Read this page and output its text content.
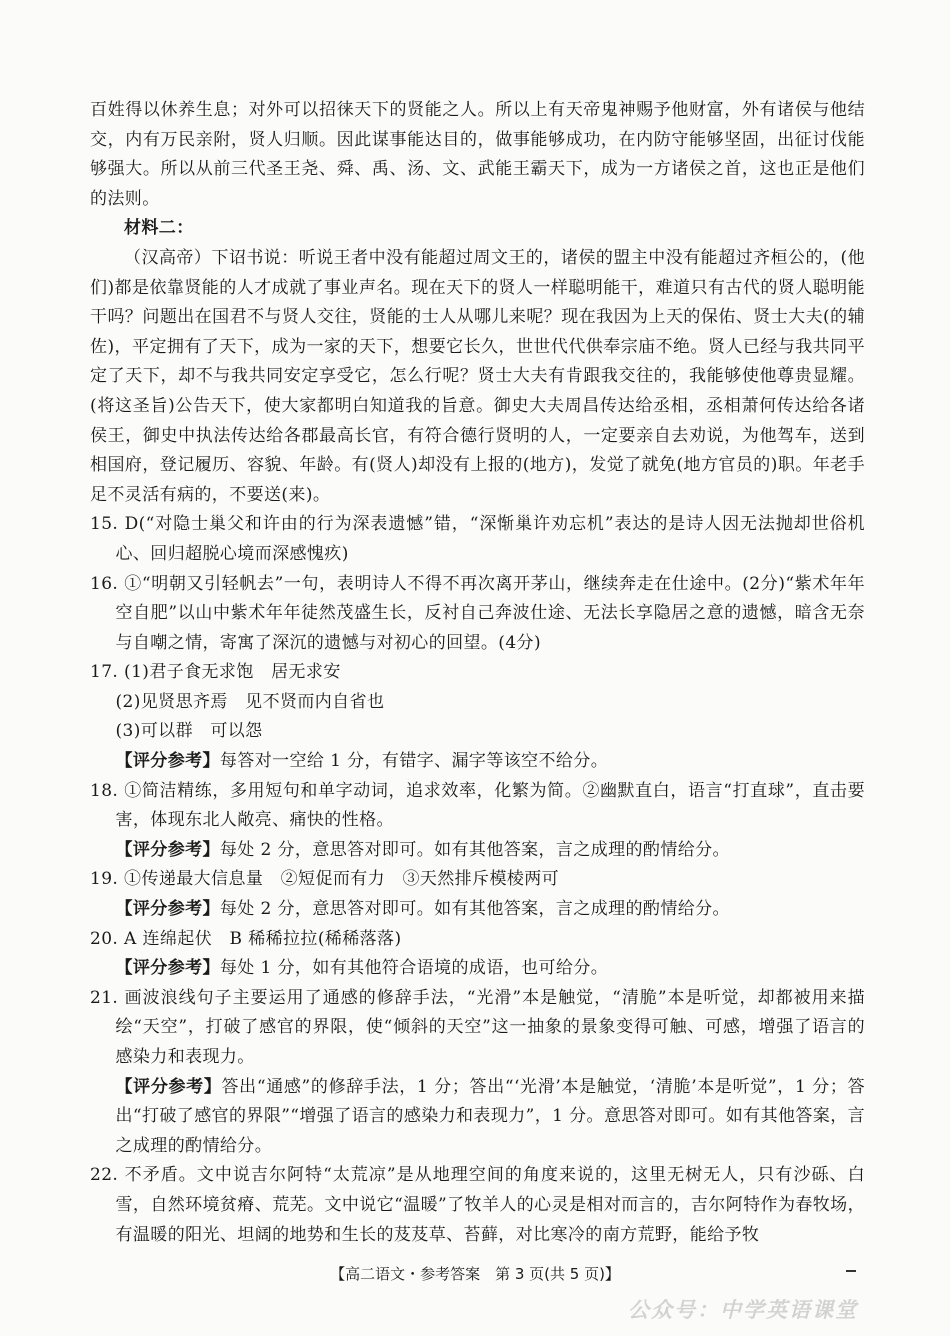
百姓得以休养生息；对外可以招徕天下的贤能之人。所以上有天帝鬼神赐予他财富，外有诸侯与他结交，内有万民亲附，贤人归顺。因此谋事能达目的，做事能够成功，在内防守能够坚固，出征讨伐能够强大。所以从前三代圣王尧、舜、禹、汤、文、武能王霸天下，成为一方诸侯之首，这也正是他们的法则。

材料二：

（汉高帝）下诏书说：听说王者中没有能超过周文王的，诸侯的盟主中没有能超过齐桓公的，(他们)都是依靠贤能的人才成就了事业声名。现在天下的贤人一样聪明能干，难道只有古代的贤人聪明能干吗？问题出在国君不与贤人交往，贤能的士人从哪儿来呢？现在我因为上天的保佑、贤士大夫(的辅佐)，平定拥有了天下，成为一家的天下，想要它长久，世世代代供奉宗庙不绝。贤人已经与我共同平定了天下，却不与我共同安定享受它，怎么行呢？贤士大夫有肯跟我交往的，我能够使他尊贵显耀。(将这圣旨)公告天下，使大家都明白知道我的旨意。御史大夫周昌传达给丞相，丞相萧何传达给各诸侯王，御史中执法传达给各郡最高长官，有符合德行贤明的人，一定要亲自去劝说，为他驾车，送到相国府，登记履历、容貌、年龄。有(贤人)却没有上报的(地方)，发觉了就免(地方官员的)职。年老手足不灵活有病的，不要送(来)。

15. D(“对隐士巢父和许由的行为深表遗憾”错，“深惭巢许劝忘机”表达的是诗人因无法抛却世俗机心、回归超脱心境而深感愧疚)

16. ①“明朝又引轻帆去”一句，表明诗人不得不再次离开茅山，继续奔走在仕途中。(2分)“紫术年年空自肥”以山中紫术年年徒然茂盛生长，反衬自己奔波仕途、无法长享隐居之意的遗憾，暗含无奈与自嘲之情，寄寓了深沉的遗憾与对初心的回望。(4分)

17. (1)君子食无求饱　居无求安

(2)见贤思齐焉　见不贤而内自省也

(3)可以群　可以怨

【评分参考】每答对一空给 1 分，有错字、漏字等该空不给分。

18. ①简洁精练，多用短句和单字动词，追求效率，化繁为简。②幽默直白，语言“打直球”，直击要害，体现东北人敞亮、痛快的性格。

【评分参考】每处 2 分，意思答对即可。如有其他答案，言之成理的酌情给分。

19. ①传递最大信息量　②短促而有力　③天然排斥模棱两可

【评分参考】每处 2 分，意思答对即可。如有其他答案，言之成理的酌情给分。

20. A 连绵起伏　B 稀稀拉拉(稀稀落落)

【评分参考】每处 1 分，如有其他符合语境的成语，也可给分。

21. 画波浪线句子主要运用了通感的修辞手法，“光滑”本是触觉，“清脆”本是听觉，却都被用来描绘“天空”，打破了感官的界限，使“倾斜的天空”这一抽象的景象变得可触、可感，增强了语言的感染力和表现力。

【评分参考】答出“通感”的修辞手法，1 分；答出“‘光滑’本是触觉，‘清脆’本是听觉”，1 分；答出“打破了感官的界限”“增强了语言的感染力和表现力”，1 分。意思答对即可。如有其他答案，言之成理的酌情给分。

22. 不矛盾。文中说吉尔阿特“太荒凉”是从地理空间的角度来说的，这里无树无人，只有沙砾、白雪，自然环境贫瘠、荒芜。文中说它“温暖”了牧羊人的心灵是相对而言的，吉尔阿特作为春牧场，有温暖的阳光、坦阔的地势和生长的芨芨草、苔藓，对比寒冷的南方荒野，能给予牧

【高二语文・参考答案　第 3 页(共 5 页)】
公众号：中学英语课堂
